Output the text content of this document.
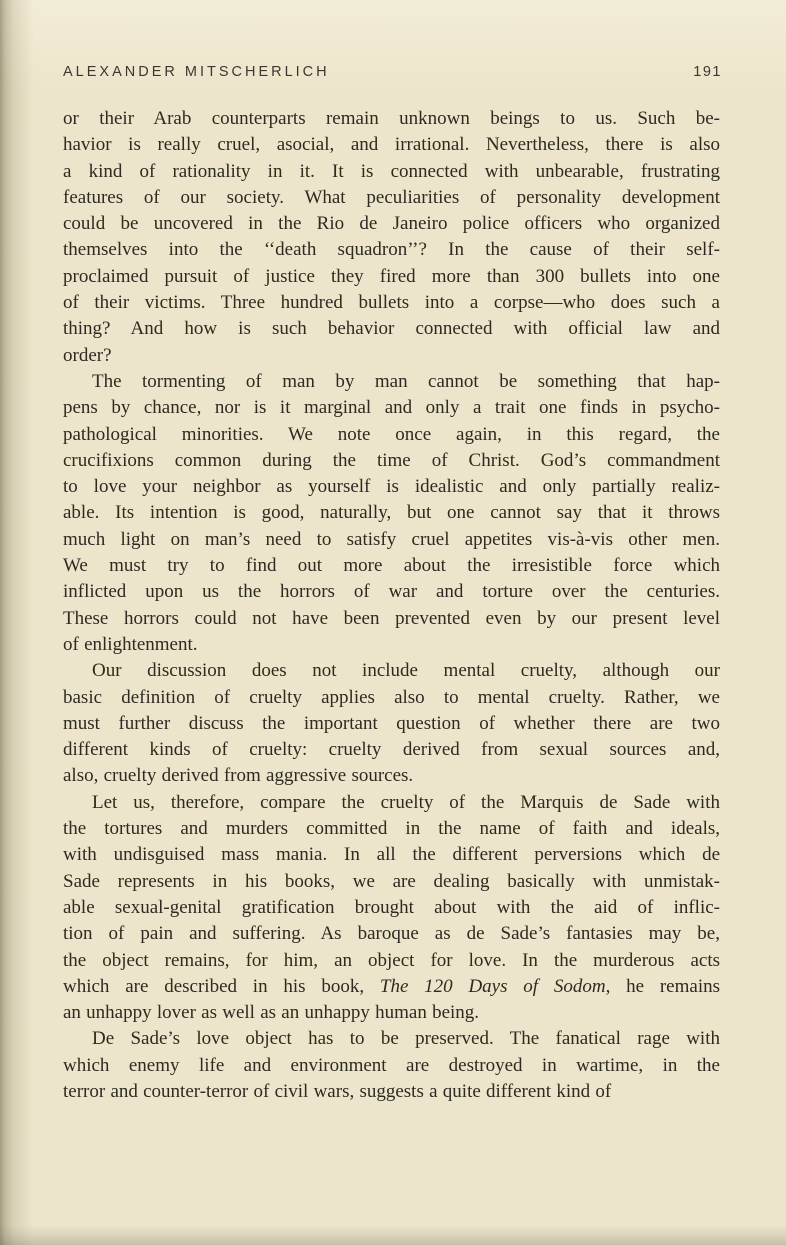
ALEXANDER MITSCHERLICH	191

or their Arab counterparts remain unknown beings to us. Such be-
havior is really cruel, asocial, and irrational. Nevertheless, there is also
a kind of rationality in it. It is connected with unbearable, frustrating
features of our society. What peculiarities of personality development
could be uncovered in the Rio de Janeiro police officers who organized
themselves into the ‘‘death squadron’’? In the cause of their self-
proclaimed pursuit of justice they fired more than 300 bullets into one
of their victims. Three hundred bullets into a corpse—who does such a
thing? And how is such behavior connected with official law and
order?

The tormenting of man by man cannot be something that hap-
pens by chance, nor is it marginal and only a trait one finds in psycho-
pathological minorities. We note once again, in this regard, the
crucifixions common during the time of Christ. God’s commandment
to love your neighbor as yourself is idealistic and only partially realiz-
able. Its intention is good, naturally, but one cannot say that it throws
much light on man’s need to satisfy cruel appetites vis-à-vis other men.
We must try to find out more about the irresistible force which
inflicted upon us the horrors of war and torture over the centuries.
These horrors could not have been prevented even by our present level
of enlightenment.

Our discussion does not include mental cruelty, although our
basic definition of cruelty applies also to mental cruelty. Rather, we
must further discuss the important question of whether there are two
different kinds of cruelty: cruelty derived from sexual sources and,
also, cruelty derived from aggressive sources.

Let us, therefore, compare the cruelty of the Marquis de Sade with
the tortures and murders committed in the name of faith and ideals,
with undisguised mass mania. In all the different perversions which de
Sade represents in his books, we are dealing basically with unmistak-
able sexual-genital gratification brought about with the aid of inflic-
tion of pain and suffering. As baroque as de Sade’s fantasies may be,
the object remains, for him, an object for love. In the murderous acts
which are described in his book, The 120 Days of Sodom, he remains
an unhappy lover as well as an unhappy human being.

De Sade’s love object has to be preserved. The fanatical rage with
which enemy life and environment are destroyed in wartime, in the
terror and counter-terror of civil wars, suggests a quite different kind of
